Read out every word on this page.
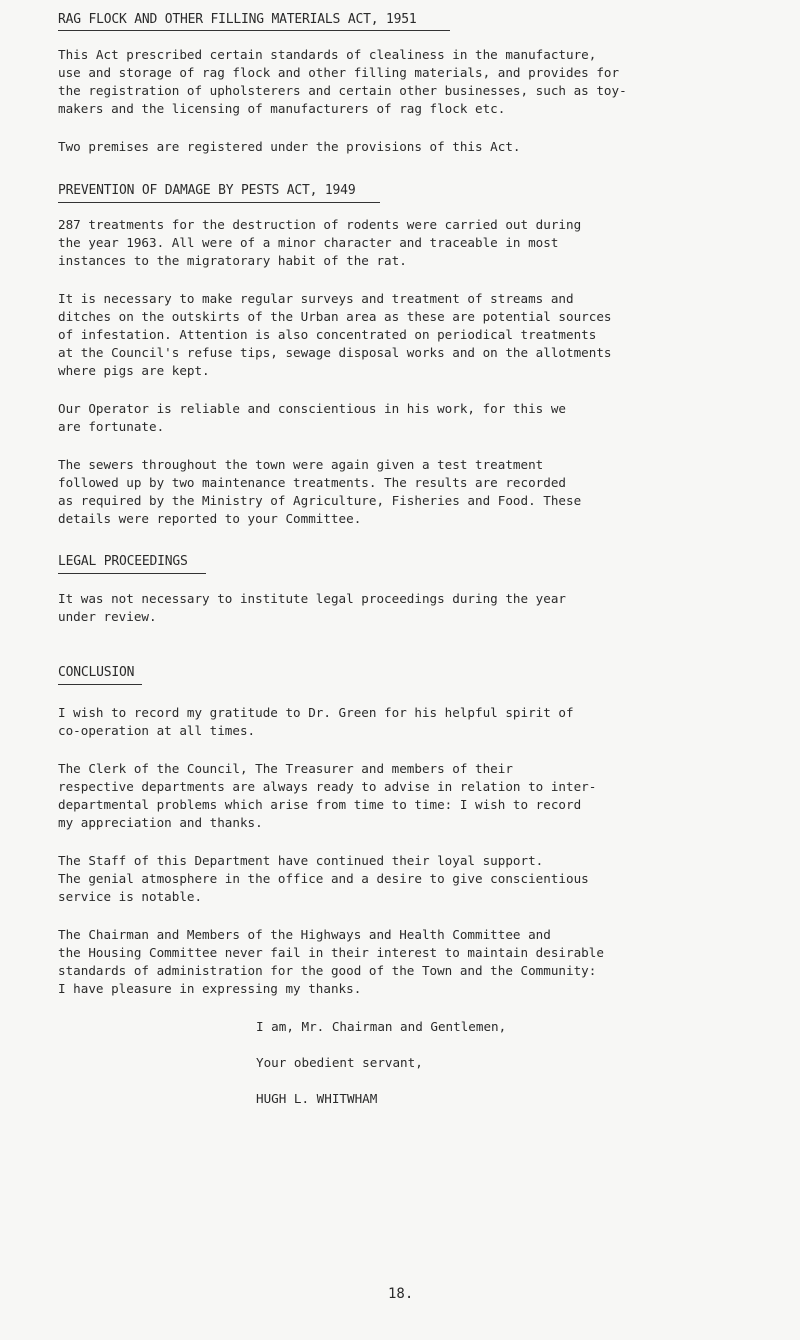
RAG FLOCK AND OTHER FILLING MATERIALS ACT, 1951
This Act prescribed certain standards of clealiness in the manufacture,
use and storage of rag flock and other filling materials, and provides for
the registration of upholsterers and certain other businesses, such as toy-
makers and the licensing of manufacturers of rag flock etc.
Two premises are registered under the provisions of this Act.
PREVENTION OF DAMAGE BY PESTS ACT, 1949
287 treatments for the destruction of rodents were carried out during
the year 1963. All were of a minor character and traceable in most
instances to the migratorary habit of the rat.
It is necessary to make regular surveys and treatment of streams and
ditches on the outskirts of the Urban area as these are potential sources
of infestation. Attention is also concentrated on periodical treatments
at the Council's refuse tips, sewage disposal works and on the allotments
where pigs are kept.
Our Operator is reliable and conscientious in his work, for this we
are fortunate.
The sewers throughout the town were again given a test treatment
followed up by two maintenance treatments. The results are recorded
as required by the Ministry of Agriculture, Fisheries and Food. These
details were reported to your Committee.
LEGAL PROCEEDINGS
It was not necessary to institute legal proceedings during the year
under review.
CONCLUSION
I wish to record my gratitude to Dr. Green for his helpful spirit of
co-operation at all times.
The Clerk of the Council, The Treasurer and members of their
respective departments are always ready to advise in relation to inter-
departmental problems which arise from time to time: I wish to record
my appreciation and thanks.
The Staff of this Department have continued their loyal support.
The genial atmosphere in the office and a desire to give conscientious
service is notable.
The Chairman and Members of the Highways and Health Committee and
the Housing Committee never fail in their interest to maintain desirable
standards of administration for the good of the Town and the Community:
I have pleasure in expressing my thanks.
I am, Mr. Chairman and Gentlemen,
Your obedient servant,
HUGH L. WHITWHAM
18.
